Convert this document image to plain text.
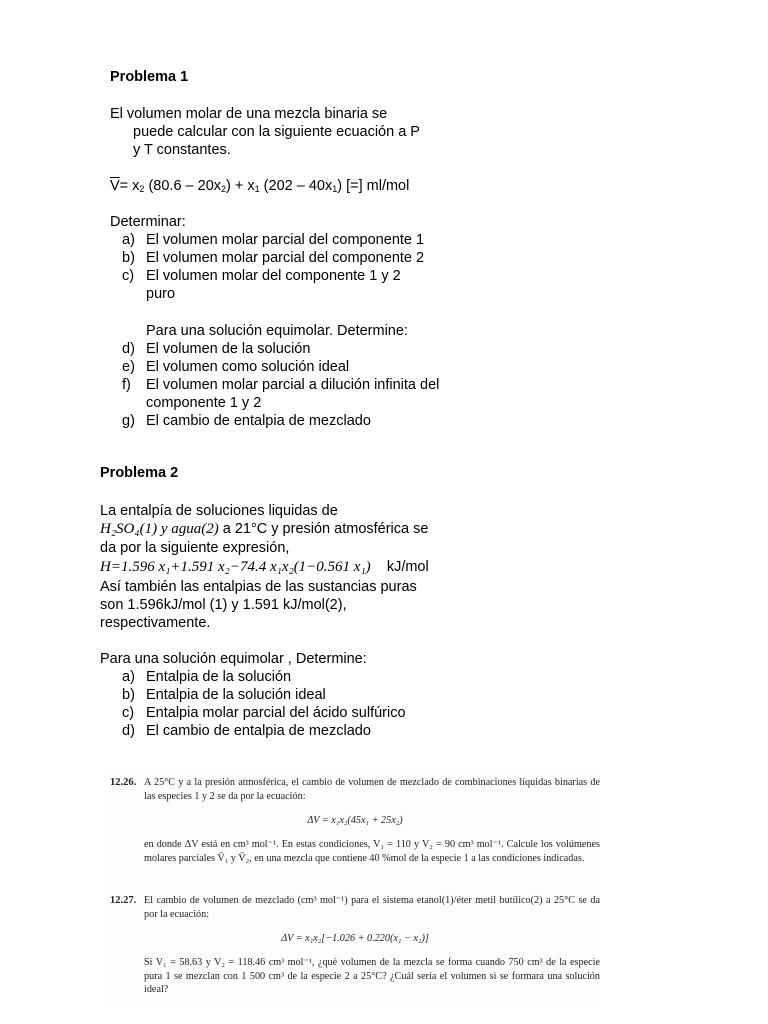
Problema 1
El volumen molar de una mezcla binaria se
puede calcular con la siguiente ecuación a P
y T constantes.
$\overline{V}= x_2$ $(80.6 - 20x_2) + x_1$ $(202 - 40x_1)$ [=] ml/mol
Determinar:
a) El volumen molar parcial del componente 1
b) El volumen molar parcial del componente 2
c) El volumen molar del componente 1 y 2 puro
Para una solución equimolar. Determine:
d) El volumen de la solución
e) El volumen como solución ideal
f)	El volumen molar parcial a dilución infinita del componente 1 y 2
g) El cambio de entalpia de mezclado
Problema 2
La entalpía de soluciones liquidas de
H₂SO₄(1) y agua(2) a 21°C y presión atmosférica se
da por la siguiente expresión,
H=1.596 x₁+1.591 x₂−74.4 x₁x₂(1−0.561 x₁) kJ/mol
Así también las entalpias de las sustancias puras
son 1.596kJ/mol (1) y 1.591 kJ/mol(2),
respectivamente.
Para una solución equimolar , Determine:
a) Entalpia de la solución
b) Entalpia de la solución ideal
c) Entalpia molar parcial del ácido sulfúrico
d) El cambio de entalpia de mezclado
12.26. A 25°C y a la presión atmosférica, el cambio de volumen de mezclado de combinaciones líquidas binarias de las especies 1 y 2 se da por la ecuación:
ΔV = x₁x₂(45x₁ + 25x₂)
en donde ΔV está en cm³ mol⁻¹. En estas condiciones, V₁ = 110 y V₂ = 90 cm³ mol⁻¹. Calcule los volúmenes molares parciales V̄₁ y V̄₂, en una mezcla que contiene 40 %mol de la especie 1 a las condiciones indicadas.
12.27. El cambio de volumen de mezclado (cm³ mol⁻¹) para el sistema etanol(1)/éter metil butílico(2) a 25°C se da por la ecuación:
ΔV = x₁x₂[−1.026 + 0.220(x₁ − x₂)]
Si V₁ = 58.63 y V₂ = 118.46 cm³ mol⁻¹, ¿qué volumen de la mezcla se forma cuando 750 cm³ de la especie pura 1 se mezclan con 1 500 cm³ de la especie 2 a 25°C? ¿Cuál sería el volumen si se formara una solución ideal?
